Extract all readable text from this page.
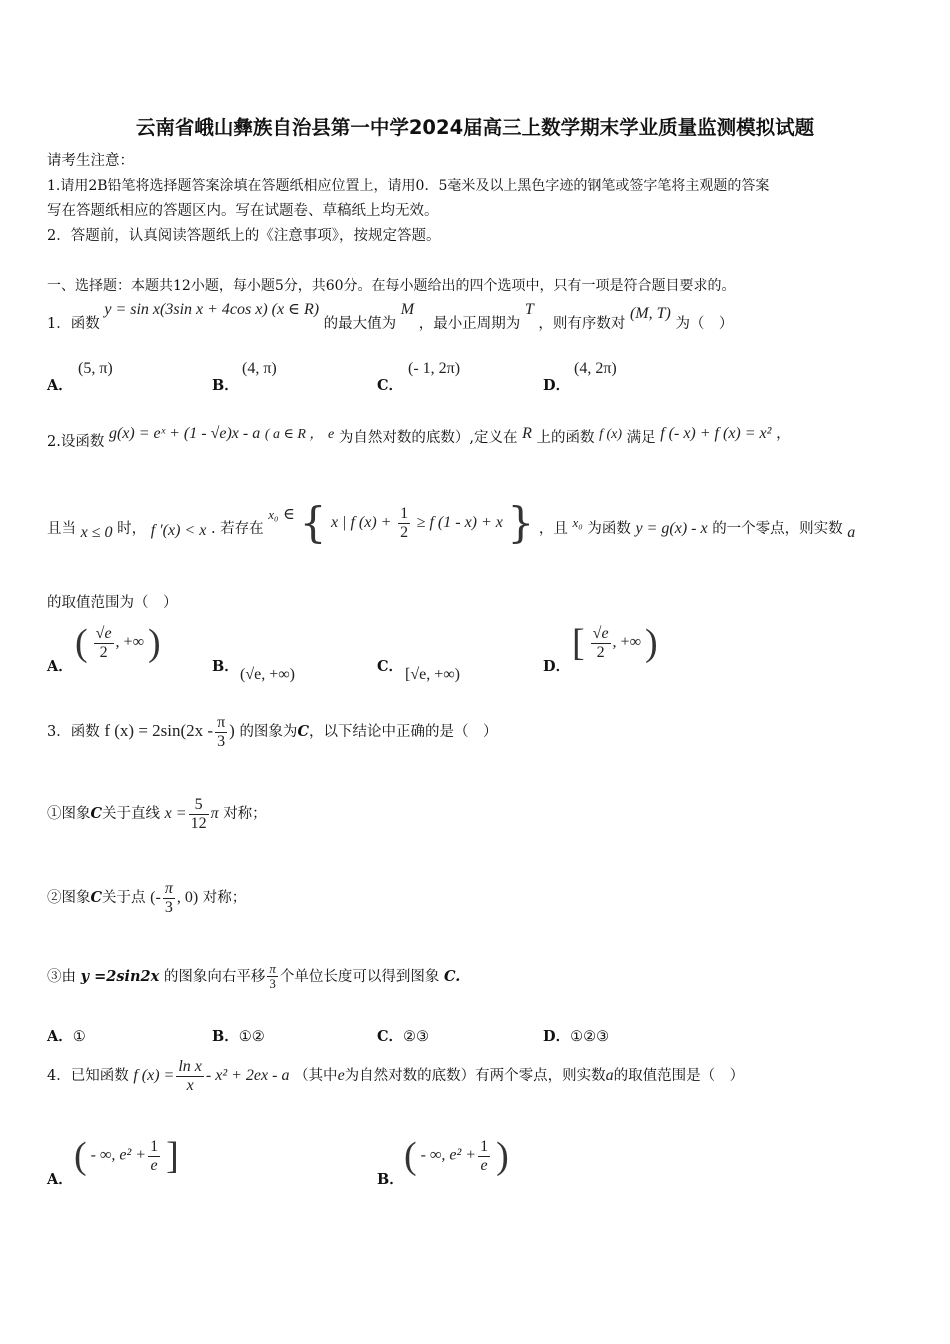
云南省峨山彝族自治县第一中学2024届高三上数学期末学业质量监测模拟试题
请考生注意：
1.请用2B铅笔将选择题答案涂填在答题纸相应位置上，请用0．5毫米及以上黑色字迹的钢笔或签字笔将主观题的答案
写在答题纸相应的答题区内。写在试题卷、草稿纸上均无效。
2．答题前，认真阅读答题纸上的《注意事项》，按规定答题。
一、选择题：本题共12小题，每小题5分，共60分。在每小题给出的四个选项中，只有一项是符合题目要求的。
1．函数 y = sin x(3sin x + 4cos x) (x ∈ R) 的最大值为 M ，最小正周期为 T ，则有序数对 (M, T) 为（　）
A．
(5, π)
B．
(4, π)
C．
(- 1, 2π)
D．
(4, 2π)
2.设函数 g(x) = eˣ + (1 - √e)x - a ( a ∈ R ， e 为自然对数的底数）,定义在 R 上的函数 f (x) 满足 f (- x) + f (x) = x² ，
且当 x ≤ 0 时， f ′(x) < x . 若存在 x₀ ∈ { x | f $(x) + \frac{1}{2} \ge f$ (1 - x) + x } ，且 x₀ 为函数 y = g(x) - x 的一个零点，则实数 a
的取值范围为（　）
A．
( $\frac{√e}{2}$ , +∞ )
B． (√e, +∞)	C． [√e, +∞)	D．
[ $\frac{√e}{2}$ , +∞ )
3．函数 f $(x) = 2\sin(2x - \frac{\pi}{3}$ ) 的图象为C，以下结论中正确的是（　）
①图象C关于直线 $x = \frac{5}{12}$ π 对称；
②图象C关于点 (- $\frac{\pi}{3}$ , 0) 对称；
③由 y =2sin2x 的图象向右平移 $\frac{\pi}{3}$ 个单位长度可以得到图象 C.
A．①	B．①②	C．②③	D．①②③
4．已知函数 f $(x) = \frac{\text{ln x}}{x} - x^2 + 2ex - a$ （其中e为自然对数的底数）有两个零点，则实数a的取值范围是（　）
A．
( - ∞, $e^2 + \frac{1}{e}$ ]
B．
( - ∞, $e^2 + \frac{1}{e}$ )
